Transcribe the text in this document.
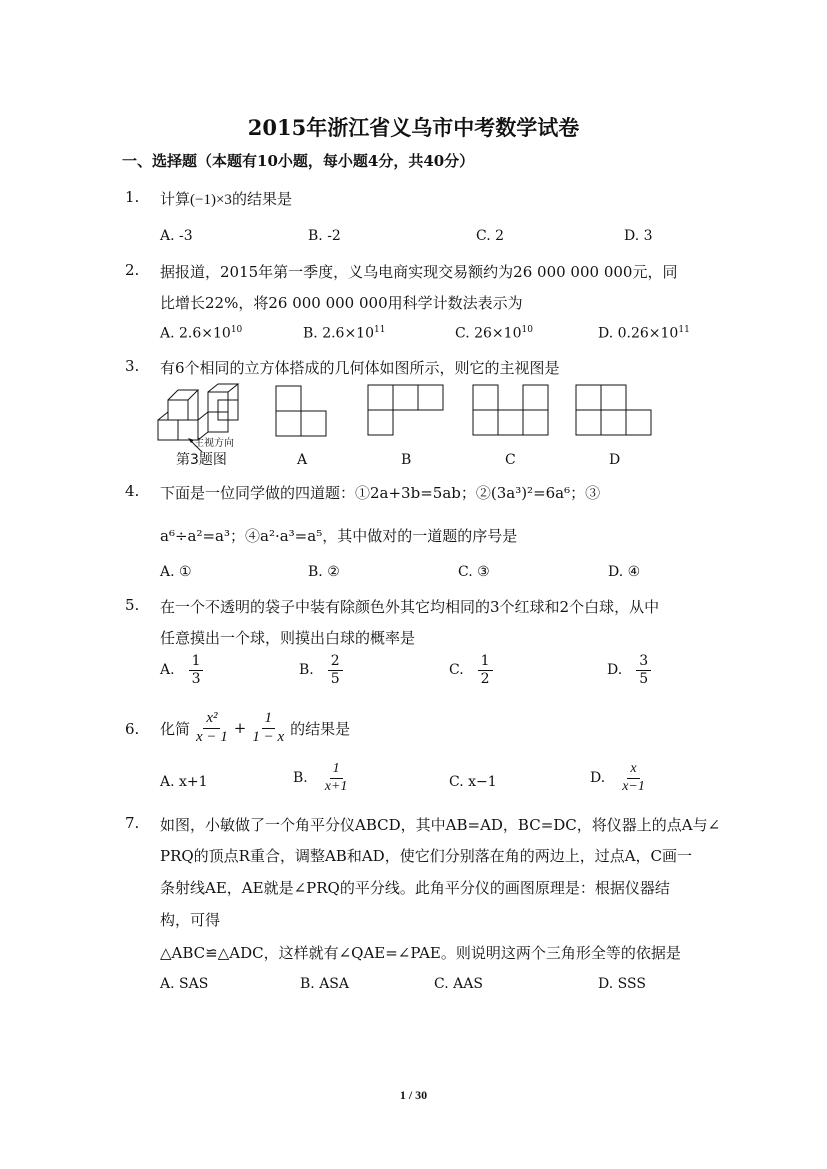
2015年浙江省义乌市中考数学试卷
一、选择题（本题有10小题，每小题4分，共40分）
1. 计算(−1)×3的结果是
A. -3	B. -2	C. 2	D. 3
2. 据报道，2015年第一季度，义乌电商实现交易额约为26 000 000 000元，同
比增长22%，将26 000 000 000用科学计数法表示为
A. $2.6\times 10^{10}$	B. $2.6\times 10^{11}$	C. $26\times 10^{10}$	D. $0.26\times 10^{11}$
3. 有6个相同的立方体搭成的几何体如图所示，则它的主视图是
主视方向
第3题图	A	B	C	D
4. 下面是一位同学做的四道题：①2a+3b=5ab；②(3a³)²=6a⁶；③
a⁶÷a²=a³；④a²·a³=a⁵，其中做对的一道题的序号是
A. ①	B. ②	C. ③	D. ④
5. 在一个不透明的袋子中装有除颜色外其它均相同的3个红球和2个白球，从中
任意摸出一个球，则摸出白球的概率是
A. $\frac{1}{3}$	B. $\frac{2}{5}$	C. $\frac{1}{2}$	D. $\frac{3}{5}$
6. 化简 $\frac{\text{x²}}{x - 1} + \frac{1}{1 - x}$ 的结果是
A. x+1	B. $\frac{1}{x+1}$	C. x−1	D. $\frac{x}{x-1}$
7. 如图，小敏做了一个角平分仪ABCD，其中AB=AD，BC=DC，将仪器上的点A与∠
PRQ的顶点R重合，调整AB和AD，使它们分别落在角的两边上，过点A，C画一
条射线AE，AE就是∠PRQ的平分线。此角平分仪的画图原理是：根据仪器结
构，可得
△ABC≌△ADC，这样就有∠QAE=∠PAE。则说明这两个三角形全等的依据是
A. SAS	B. ASA	C. AAS	D. SSS
1 / 30
